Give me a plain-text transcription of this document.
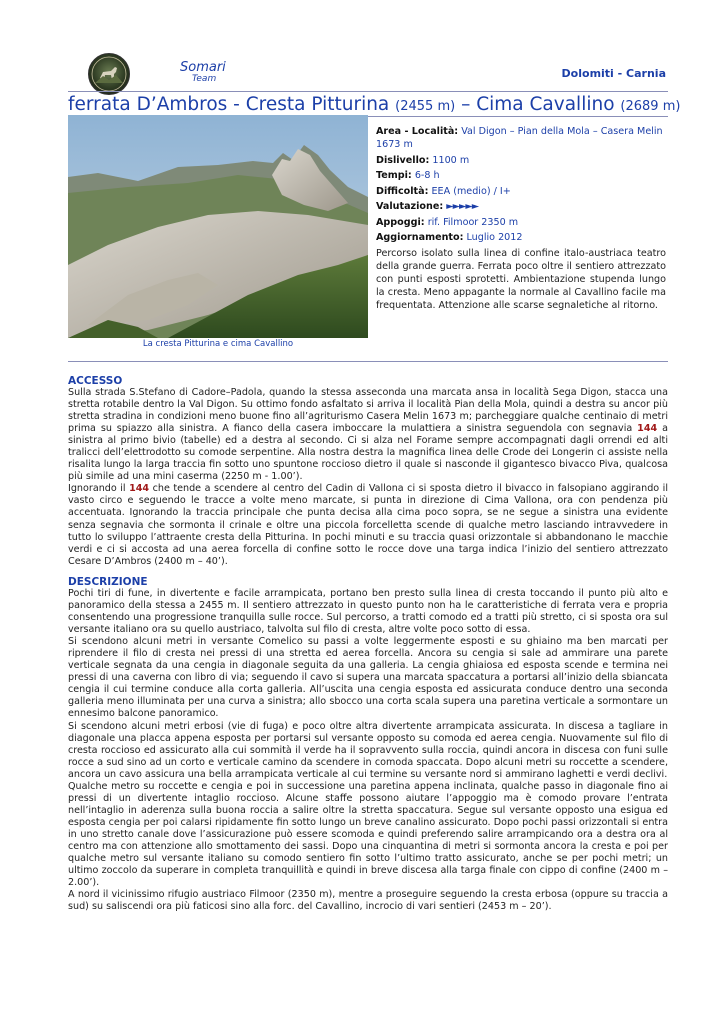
Somari
Team	Dolomiti - Carnia
ferrata D’Ambros - Cresta Pitturina (2455 m) – Cima Cavallino (2689 m)
La cresta Pitturina e cima Cavallino
Area - Località: Val Digon – Pian della Mola – Casera Melin 1673 m
Dislivello: 1100 m
Tempi: 6-8 h
Difficoltà: EEA (medio) / I+
Valutazione: ►►►►►
Appoggi: rif. Filmoor 2350 m
Aggiornamento: Luglio 2012
Percorso isolato sulla linea di confine italo-austriaca teatro della grande guerra. Ferrata poco oltre il sentiero attrezzato con punti esposti sprotetti. Ambientazione stupenda lungo la cresta. Meno appagante la normale al Cavallino facile ma frequentata. Attenzione alle scarse segnaletiche al ritorno.
ACCESSO

Sulla strada S.Stefano di Cadore–Padola, quando la stessa asseconda una marcata ansa in località Sega Digon, stacca una stretta rotabile dentro la Val Digon. Su ottimo fondo asfaltato si arriva il località Pian della Mola, quindi a destra su ancor più stretta stradina in condizioni meno buone fino all’agriturismo Casera Melin 1673 m; parcheggiare qualche centinaio di metri prima su spiazzo alla sinistra. A fianco della casera imboccare la mulattiera a sinistra seguendola con segnavia 144 a sinistra al primo bivio (tabelle) ed a destra al secondo. Ci si alza nel Forame sempre accompagnati dagli orrendi ed alti tralicci dell’elettrodotto su comode serpentine. Alla nostra destra la magnifica linea delle Crode dei Longerin ci assiste nella risalita lungo la larga traccia fin sotto uno spuntone roccioso dietro il quale si nasconde il gigantesco bivacco Piva, qualcosa più simile ad una mini caserma (2250 m - 1.00’).

Ignorando il 144 che tende a scendere al centro del Cadin di Vallona ci si sposta dietro il bivacco in falsopiano aggirando il vasto circo e seguendo le tracce a volte meno marcate, si punta in direzione di Cima Vallona, ora con pendenza più accentuata. Ignorando la traccia principale che punta decisa alla cima poco sopra, se ne segue a sinistra una evidente senza segnavia che sormonta il crinale e oltre una piccola forcelletta scende di qualche metro lasciando intravvedere in tutto lo sviluppo l’attraente cresta della Pitturina. In pochi minuti e su traccia quasi orizzontale si abbandonano le macchie verdi e ci si accosta ad una aerea forcella di confine sotto le rocce dove una targa indica l’inizio del sentiero attrezzato Cesare D’Ambros (2400 m – 40’).

DESCRIZIONE

Pochi tiri di fune, in divertente e facile arrampicata, portano ben presto sulla linea di cresta toccando il punto più alto e panoramico della stessa a 2455 m. Il sentiero attrezzato in questo punto non ha le caratteristiche di ferrata vera e propria consentendo una progressione tranquilla sulle rocce. Sul percorso, a tratti comodo ed a tratti più stretto, ci si sposta ora sul versante italiano ora su quello austriaco, talvolta sul filo di cresta, altre volte poco sotto di essa.

Si scendono alcuni metri in versante Comelico su passi a volte leggermente esposti e su ghiaino ma ben marcati per riprendere il filo di cresta nei pressi di una stretta ed aerea forcella. Ancora su cengia si sale ad ammirare una parete verticale segnata da una cengia in diagonale seguita da una galleria. La cengia ghiaiosa ed esposta scende e termina nei pressi di una caverna con libro di via; seguendo il cavo si supera una marcata spaccatura a portarsi all’inizio della sbiancata cengia il cui termine conduce alla corta galleria. All’uscita una cengia esposta ed assicurata conduce dentro una seconda galleria meno illuminata per una curva a sinistra; allo sbocco una corta scala supera una paretina verticale a sormontare un ennesimo balcone panoramico.

Si scendono alcuni metri erbosi (vie di fuga) e poco oltre altra divertente arrampicata assicurata. In discesa a tagliare in diagonale una placca appena esposta per portarsi sul versante opposto su comoda ed aerea cengia. Nuovamente sul filo di cresta roccioso ed assicurato alla cui sommità il verde ha il sopravvento sulla roccia, quindi ancora in discesa con funi sulle rocce a sud sino ad un corto e verticale camino da scendere in comoda spaccata. Dopo alcuni metri su roccette a scendere, ancora un cavo assicura una bella arrampicata verticale al cui termine su versante nord si ammirano laghetti e verdi declivi.

Qualche metro su roccette e cengia e poi in successione una paretina appena inclinata, qualche passo in diagonale fino ai pressi di un divertente intaglio roccioso. Alcune staffe possono aiutare l’appoggio ma è comodo provare l’entrata nell’intaglio in aderenza sulla buona roccia a salire oltre la stretta spaccatura. Segue sul versante opposto una esigua ed esposta cengia per poi calarsi ripidamente fin sotto lungo un breve canalino assicurato. Dopo pochi passi orizzontali si entra in uno stretto canale dove l’assicurazione può essere scomoda e quindi preferendo salire arrampicando ora a destra ora al centro ma con attenzione allo smottamento dei sassi. Dopo una cinquantina di metri si sormonta ancora la cresta e poi per qualche metro sul versante italiano su comodo sentiero fin sotto l’ultimo tratto assicurato, anche se per pochi metri; un ultimo zoccolo da superare in completa tranquillità e quindi in breve discesa alla targa finale con cippo di confine (2400 m – 2.00’).

A nord il vicinissimo rifugio austriaco Filmoor (2350 m), mentre a proseguire seguendo la cresta erbosa (oppure su traccia a sud) su saliscendi ora più faticosi sino alla forc. del Cavallino, incrocio di vari sentieri (2453 m – 20’).
